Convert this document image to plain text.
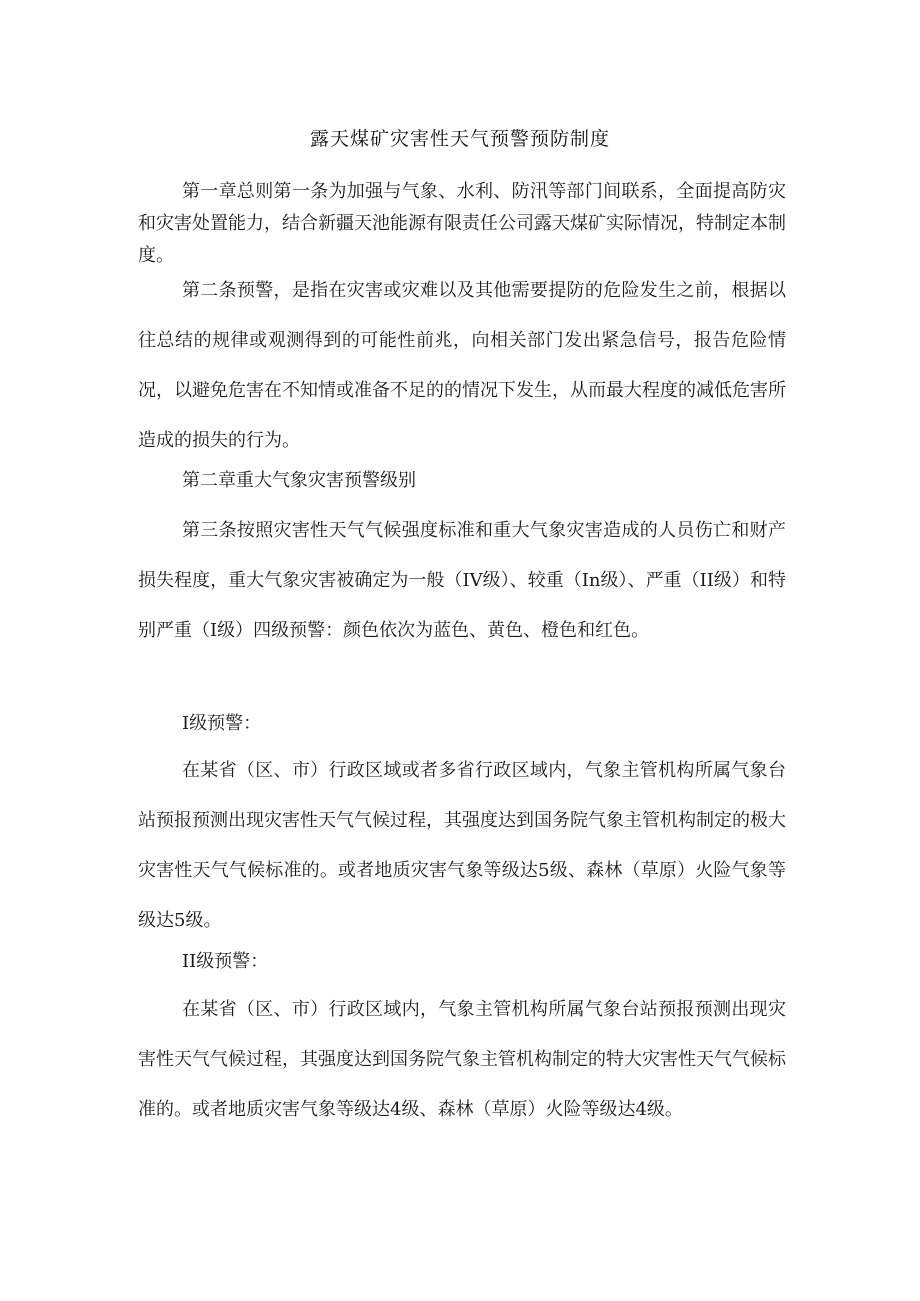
露天煤矿灾害性天气预警预防制度

第一章总则第一条为加强与气象、水利、防汛等部门间联系，全面提高防灾和灾害处置能力，结合新疆天池能源有限责任公司露天煤矿实际情况，特制定本制度。

第二条预警，是指在灾害或灾难以及其他需要提防的危险发生之前，根据以往总结的规律或观测得到的可能性前兆，向相关部门发出紧急信号，报告危险情况，以避免危害在不知情或准备不足的的情况下发生，从而最大程度的减低危害所造成的损失的行为。

第二章重大气象灾害预警级别

第三条按照灾害性天气气候强度标准和重大气象灾害造成的人员伤亡和财产损失程度，重大气象灾害被确定为一般（IV级）、较重（In级）、严重（II级）和特别严重（I级）四级预警：颜色依次为蓝色、黄色、橙色和红色。

I级预警：

在某省（区、市）行政区域或者多省行政区域内，气象主管机构所属气象台站预报预测出现灾害性天气气候过程，其强度达到国务院气象主管机构制定的极大灾害性天气气候标准的。或者地质灾害气象等级达5级、森林（草原）火险气象等级达5级。

II级预警：

在某省（区、市）行政区域内，气象主管机构所属气象台站预报预测出现灾害性天气气候过程，其强度达到国务院气象主管机构制定的特大灾害性天气气候标准的。或者地质灾害气象等级达4级、森林（草原）火险等级达4级。
